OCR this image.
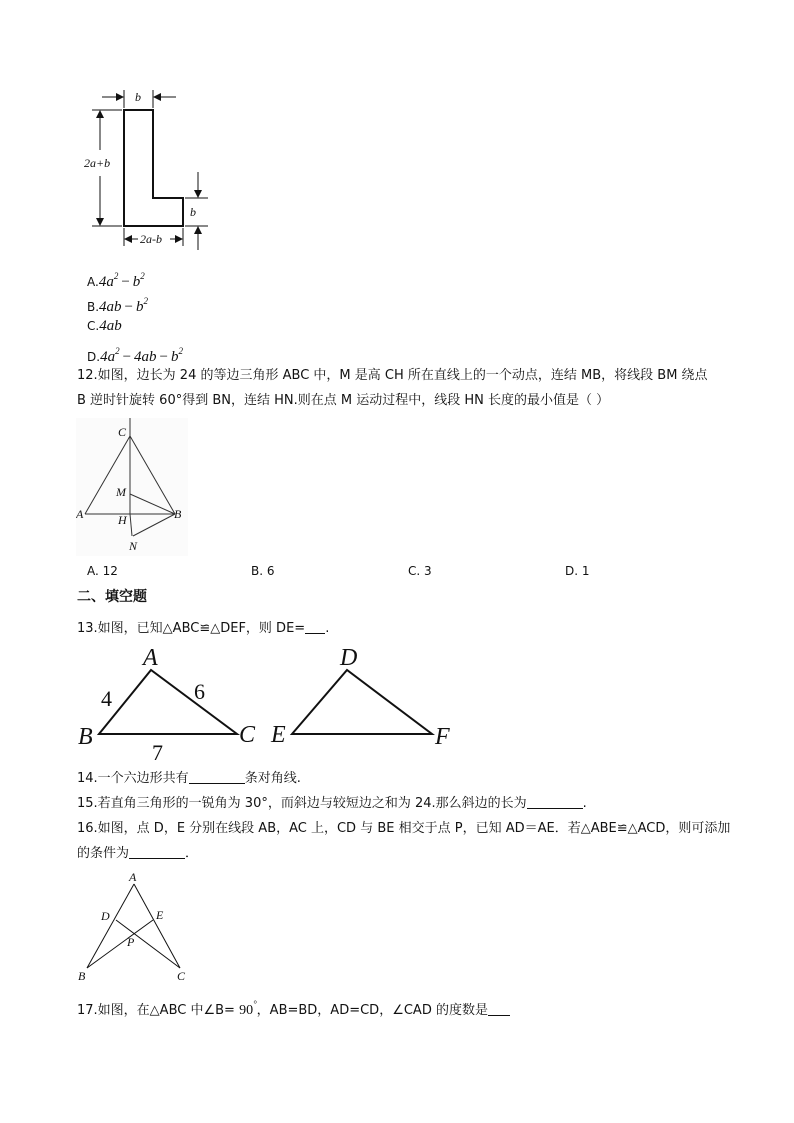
b
2a+b
b
2a-b
$A.4a^2 - b^2$
$B.4ab - b^2$
C.4ab
$D.4a^2 - 4ab - b^2$
12.如图，边长为 24 的等边三角形 ABC 中，M 是高 CH 所在直线上的一个动点，连结 MB，将线段 BM 绕点
B 逆时针旋转 60°得到 BN，连结 HN.则在点 M 运动过程中，线段 HN 长度的最小值是（ ）
C
M
A	H	B
N
A. 12	B. 6	C. 3	D. 1
二、填空题
13.如图，已知△ABC≌△DEF，则 DE= .
A
B	C
4	6
7
D
E	F
14.一个六边形共有	条对角线.
15.若直角三角形的一锐角为 30°，而斜边与较短边之和为 24.那么斜边的长为	.
16.如图，点 D，E 分别在线段 AB，AC 上，CD 与 BE 相交于点 P，已知 AD＝AE．若△ABE≌△ACD，则可添加
的条件为	．
A
D	E
P
B	C
17.如图，在△ABC 中∠B= 90°，AB=BD，AD=CD，∠CAD 的度数是
